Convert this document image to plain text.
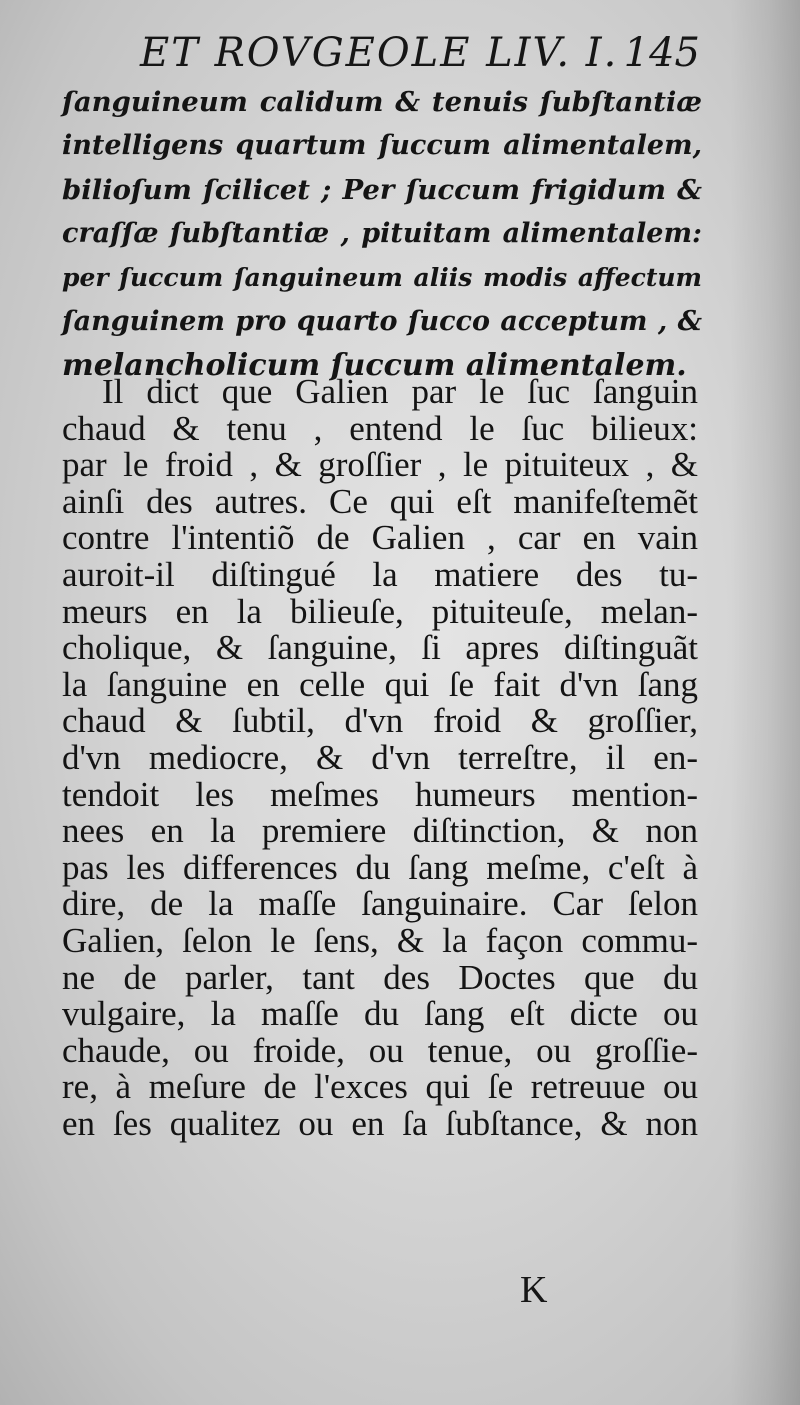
ET ROVGEOLE LIV. I. 145
ſanguineum calidum & tenuis ſubſtantiæ
intelligens quartum ſuccum alimentalem,
bilioſum ſcilicet ; Per ſuccum frigidum &
craſſæ ſubſtantiæ , pituitam alimentalem:
per ſuccum ſanguineum aliis modis affectum
ſanguinem pro quarto ſucco acceptum , &
melancholicum ſuccum alimentalem.
Il dict que Galien par le ſuc ſanguin
chaud & tenu , entend le ſuc bilieux:
par le froid , & groſſier , le pituiteux , &
ainſi des autres. Ce qui eſt manifeſtemẽt
contre l'intentiõ de Galien , car en vain
auroit-il diſtingué la matiere des tu-
meurs en la bilieuſe, pituiteuſe, melan-
cholique, & ſanguine, ſi apres diſtinguãt
la ſanguine en celle qui ſe fait d'vn ſang
chaud & ſubtil, d'vn froid & groſſier,
d'vn mediocre, & d'vn terreſtre, il en-
tendoit les meſmes humeurs mention-
nees en la premiere diſtinction, & non
pas les differences du ſang meſme, c'eſt à
dire, de la maſſe ſanguinaire. Car ſelon
Galien, ſelon le ſens, & la façon commu-
ne de parler, tant des Doctes que du
vulgaire, la maſſe du ſang eſt dicte ou
chaude, ou froide, ou tenue, ou groſſie-
re, à meſure de l'exces qui ſe retreuue ou
en ſes qualitez ou en ſa ſubſtance, & non
K
